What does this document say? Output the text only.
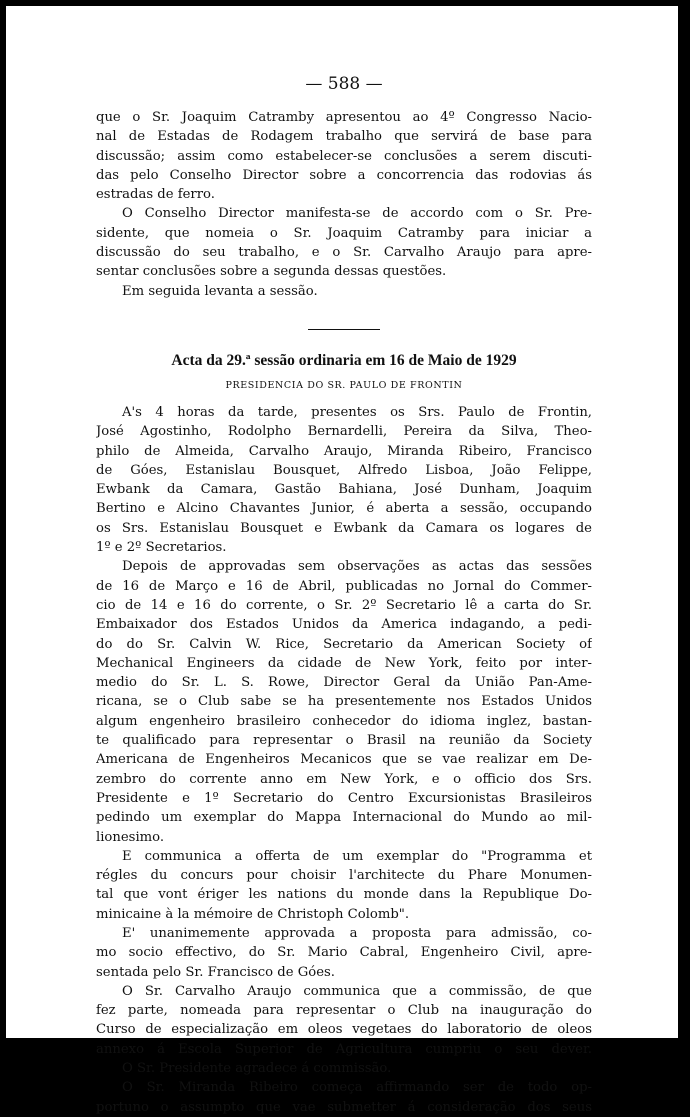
— 588 —
que o Sr. Joaquim Catramby apresentou ao 4º Congresso Nacio-
nal de Estadas de Rodagem trabalho que servirá de base para
discussão; assim como estabelecer-se conclusões a serem discuti-
das pelo Conselho Director sobre a concorrencia das rodovias ás
estradas de ferro.
O Conselho Director manifesta-se de accordo com o Sr. Pre-
sidente, que nomeia o Sr. Joaquim Catramby para iniciar a
discussão do seu trabalho, e o Sr. Carvalho Araujo para apre-
sentar conclusões sobre a segunda dessas questões.
Em seguida levanta a sessão.
Acta da 29.ª sessão ordinaria em 16 de Maio de 1929
PRESIDENCIA DO SR. PAULO DE FRONTIN
A's 4 horas da tarde, presentes os Srs. Paulo de Frontin,
José Agostinho, Rodolpho Bernardelli, Pereira da Silva, Theo-
philo de Almeida, Carvalho Araujo, Miranda Ribeiro, Francisco
de Góes, Estanislau Bousquet, Alfredo Lisboa, João Felippe,
Ewbank da Camara, Gastão Bahiana, José Dunham, Joaquim
Bertino e Alcino Chavantes Junior, é aberta a sessão, occupando
os Srs. Estanislau Bousquet e Ewbank da Camara os logares de
1º e 2º Secretarios.
Depois de approvadas sem observações as actas das sessões
de 16 de Março e 16 de Abril, publicadas no Jornal do Commer-
cio de 14 e 16 do corrente, o Sr. 2º Secretario lê a carta do Sr.
Embaixador dos Estados Unidos da America indagando, a pedi-
do do Sr. Calvin W. Rice, Secretario da American Society of
Mechanical Engineers da cidade de New York, feito por inter-
medio do Sr. L. S. Rowe, Director Geral da União Pan-Ame-
ricana, se o Club sabe se ha presentemente nos Estados Unidos
algum engenheiro brasileiro conhecedor do idioma inglez, bastan-
te qualificado para representar o Brasil na reunião da Society
Americana de Engenheiros Mecanicos que se vae realizar em De-
zembro do corrente anno em New York, e o officio dos Srs.
Presidente e 1º Secretario do Centro Excursionistas Brasileiros
pedindo um exemplar do Mappa Internacional do Mundo ao mil-
lionesimo.
E communica a offerta de um exemplar do "Programma et
régles du concurs pour choisir l'architecte du Phare Monumen-
tal que vont ériger les nations du monde dans la Republique Do-
minicaine à la mémoire de Christoph Colomb".
E' unanimemente approvada a proposta para admissão, co-
mo socio effectivo, do Sr. Mario Cabral, Engenheiro Civil, apre-
sentada pelo Sr. Francisco de Góes.
O Sr. Carvalho Araujo communica que a commissão, de que
fez parte, nomeada para representar o Club na inauguração do
Curso de especialização em oleos vegetaes do laboratorio de oleos
annexo á Escola Superior de Agricultura cumpriu o seu dever.
O Sr. Presidente agradece á commissão.
O Sr. Miranda Ribeiro começa affirmando ser de todo op-
portuno o assumpto que vae submetter á consideração dos seus
